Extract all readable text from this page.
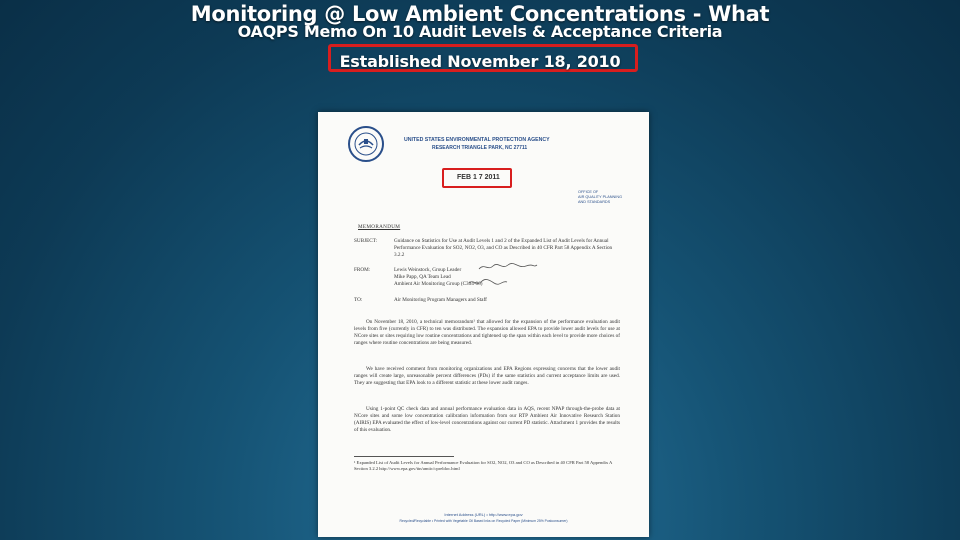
Monitoring @ Low Ambient Concentrations - What
OAQPS Memo On 10 Audit Levels & Acceptance Criteria
Established November 18, 2010
UNITED STATES ENVIRONMENTAL PROTECTION AGENCY
RESEARCH TRIANGLE PARK, NC 27711
FEB 1 7 2011
OFFICE OF
AIR QUALITY PLANNING
AND STANDARDS
MEMORANDUM
SUBJECT:	Guidance on Statistics for Use at Audit Levels 1 and 2 of the Expanded List of Audit Levels for Annual Performance Evaluation for SO2, NO2, O3, and CO as Described in 40 CFR Part 58 Appendix A Section 3.2.2
FROM:	Lewis Weinstock, Group Leader
Mike Papp, QA Team Lead
Ambient Air Monitoring Group (C304-06)
TO:	Air Monitoring Program Managers and Staff
On November 18, 2010, a technical memorandum¹ that allowed for the expansion of the performance evaluation audit levels from five (currently in CFR) to ten was distributed. The expansion allowed EPA to provide lower audit levels for use at NCore sites or sites requiring low routine concentrations and tightened up the span within each level to provide more choices of ranges where routine concentrations are being measured.
We have received comment from monitoring organizations and EPA Regions expressing concerns that the lower audit ranges will create large, unreasonable percent differences (PDs) if the same statistics and current acceptance limits are used. They are suggesting that EPA look to a different statistic at these lower audit ranges.
Using 1-point QC check data and annual performance evaluation data in AQS, recent NPAP through-the-probe data at NCore sites and some low concentration calibration information from our RTP Ambient Air Innovative Research Station (AIRIS) EPA evaluated the effect of low-level concentrations against our current PD statistic. Attachment 1 provides the results of this evaluation.
¹ Expanded List of Audit Levels for Annual Performance Evaluation for SO2, NO2, O3 and CO as Described in 40 CFR Part 58 Appendix A Section 3.2.2 http://www.epa.gov/ttn/amtic/cpreldoc.html
Internet Address (URL) • http://www.epa.gov
Recycled/Recyclable • Printed with Vegetable Oil Based Inks on Recycled Paper (Minimum 25% Postconsumer)
